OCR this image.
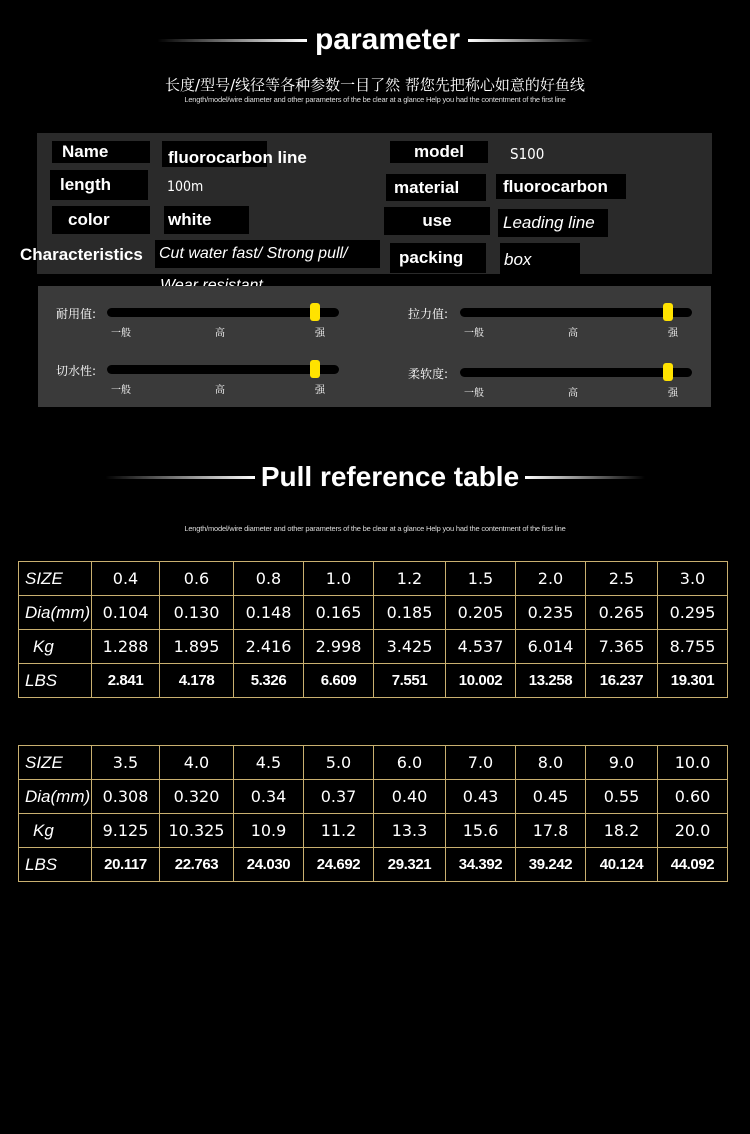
parameter
长度/型号/线径等各种参数一目了然 帮您先把称心如意的好鱼线
Length/model/wire diameter and other parameters of the be clear at a glance Help you had the contentment of the first line
Name	fluorocarbon line	model	S100
length	100m	material	fluorocarbon
color	white	use	Leading line
Characteristics	Cut water fast/ Strong pull/	packing	box
耐用值:
一般	高	强
拉力值:
一般	高	强
切水性:
一般	高	强
柔软度:
一般	高	强
Pull reference table
Length/model/wire diameter and other parameters of the be clear at a glance Help you had the contentment of the first line
SIZE	0.4	0.6	0.8	1.0	1.2	1.5	2.0	2.5	3.0
Dia(mm)	0.104	0.130	0.148	0.165	0.185	0.205	0.235	0.265	0.295
Kg	1.288	1.895	2.416	2.998	3.425	4.537	6.014	7.365	8.755
LBS	2.841	4.178	5.326	6.609	7.551	10.002	13.258	16.237	19.301
SIZE	3.5	4.0	4.5	5.0	6.0	7.0	8.0	9.0	10.0
Dia(mm)	0.308	0.320	0.34	0.37	0.40	0.43	0.45	0.55	0.60
Kg	9.125	10.325	10.9	11.2	13.3	15.6	17.8	18.2	20.0
LBS	20.117	22.763	24.030	24.692	29.321	34.392	39.242	40.124	44.092
